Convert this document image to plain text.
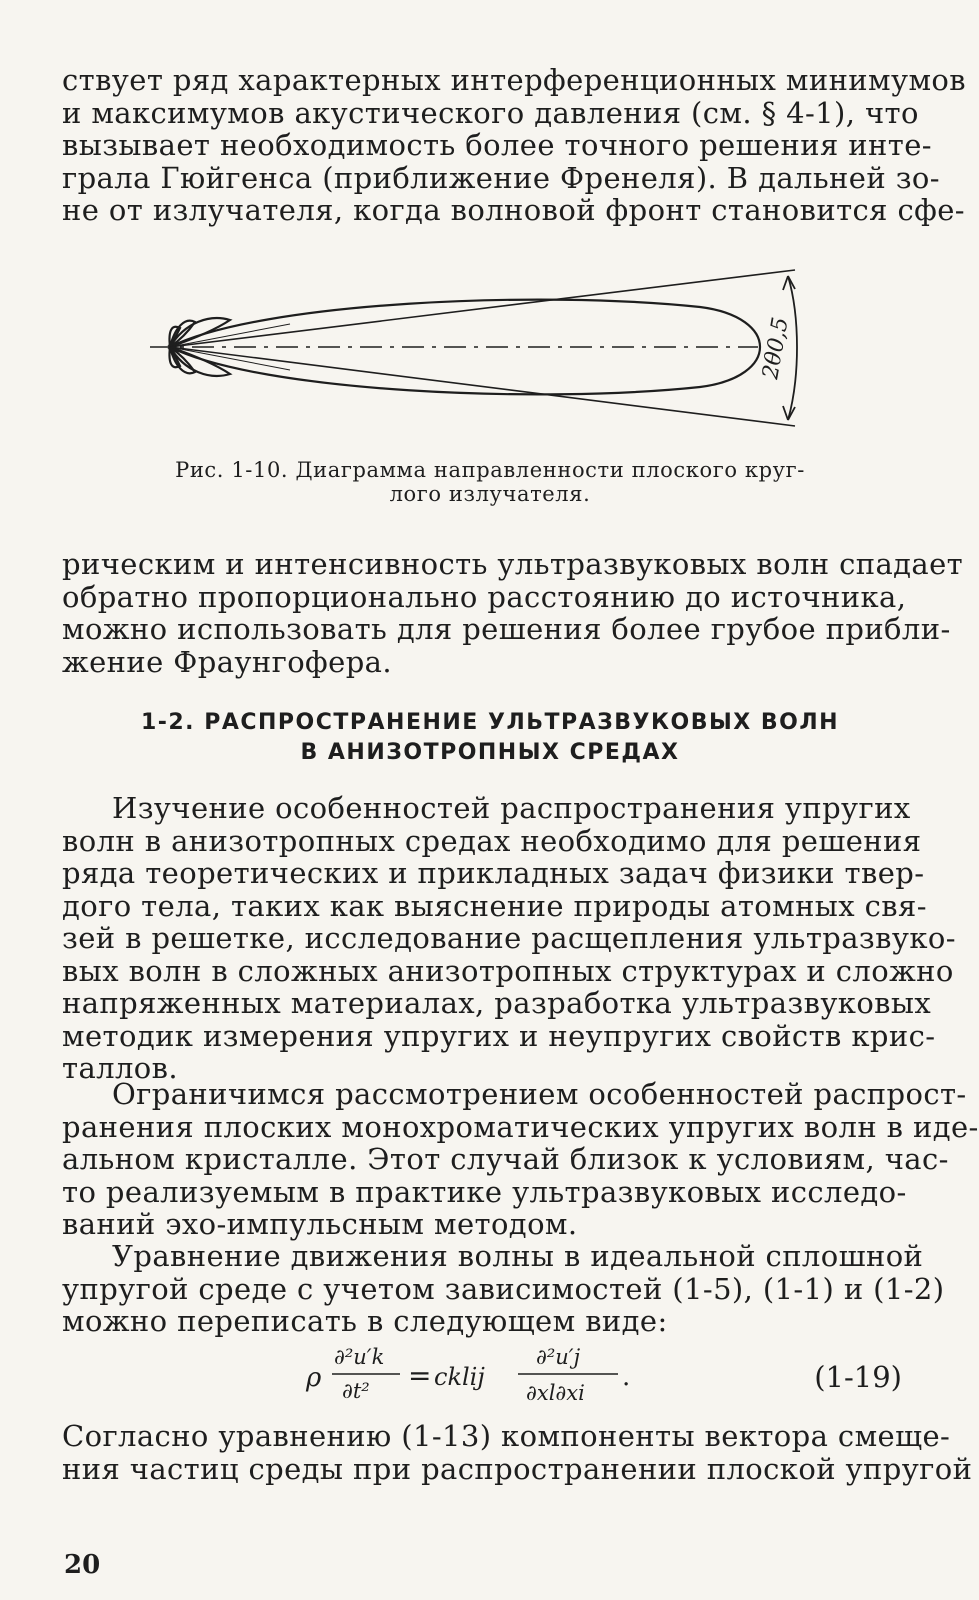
ствует ряд характерных интерференционных минимумов
и максимумов акустического давления (см. § 4-1), что
вызывает необходимость более точного решения инте-
грала Гюйгенса (приближение Френеля). В дальней зо-
не от излучателя, когда волновой фронт становится сфе-
2θ0,5
Рис. 1-10. Диаграмма направленности плоского круг-
лого излучателя.
рическим и интенсивность ультразвуковых волн спадает
обратно пропорционально расстоянию до источника,
можно использовать для решения более грубое прибли-
жение Фраунгофера.
1-2. РАСПРОСТРАНЕНИЕ УЛЬТРАЗВУКОВЫХ ВОЛН
В АНИЗОТРОПНЫХ СРЕДАХ
Изучение особенностей распространения упругих
волн в анизотропных средах необходимо для решения
ряда теоретических и прикладных задач физики твер-
дого тела, таких как выяснение природы атомных свя-
зей в решетке, исследование расщепления ультразвуко-
вых волн в сложных анизотропных структурах и сложно
напряженных материалах, разработка ультразвуковых
методик измерения упругих и неупругих свойств крис-
таллов.
Ограничимся рассмотрением особенностей распрост-
ранения плоских монохроматических упругих волн в иде-
альном кристалле. Этот случай близок к условиям, час-
то реализуемым в практике ультразвуковых исследо-
ваний эхо-импульсным методом.
Уравнение движения волны в идеальной сплошной
упругой среде с учетом зависимостей (1-5), (1-1) и (1-2)
можно переписать в следующем виде:
ρ
∂²u′k
∂t² = cklij
∂²u′j
∂xl∂xi
.	(1-19)
Согласно уравнению (1-13) компоненты вектора смеще-
ния частиц среды при распространении плоской упругой
20
